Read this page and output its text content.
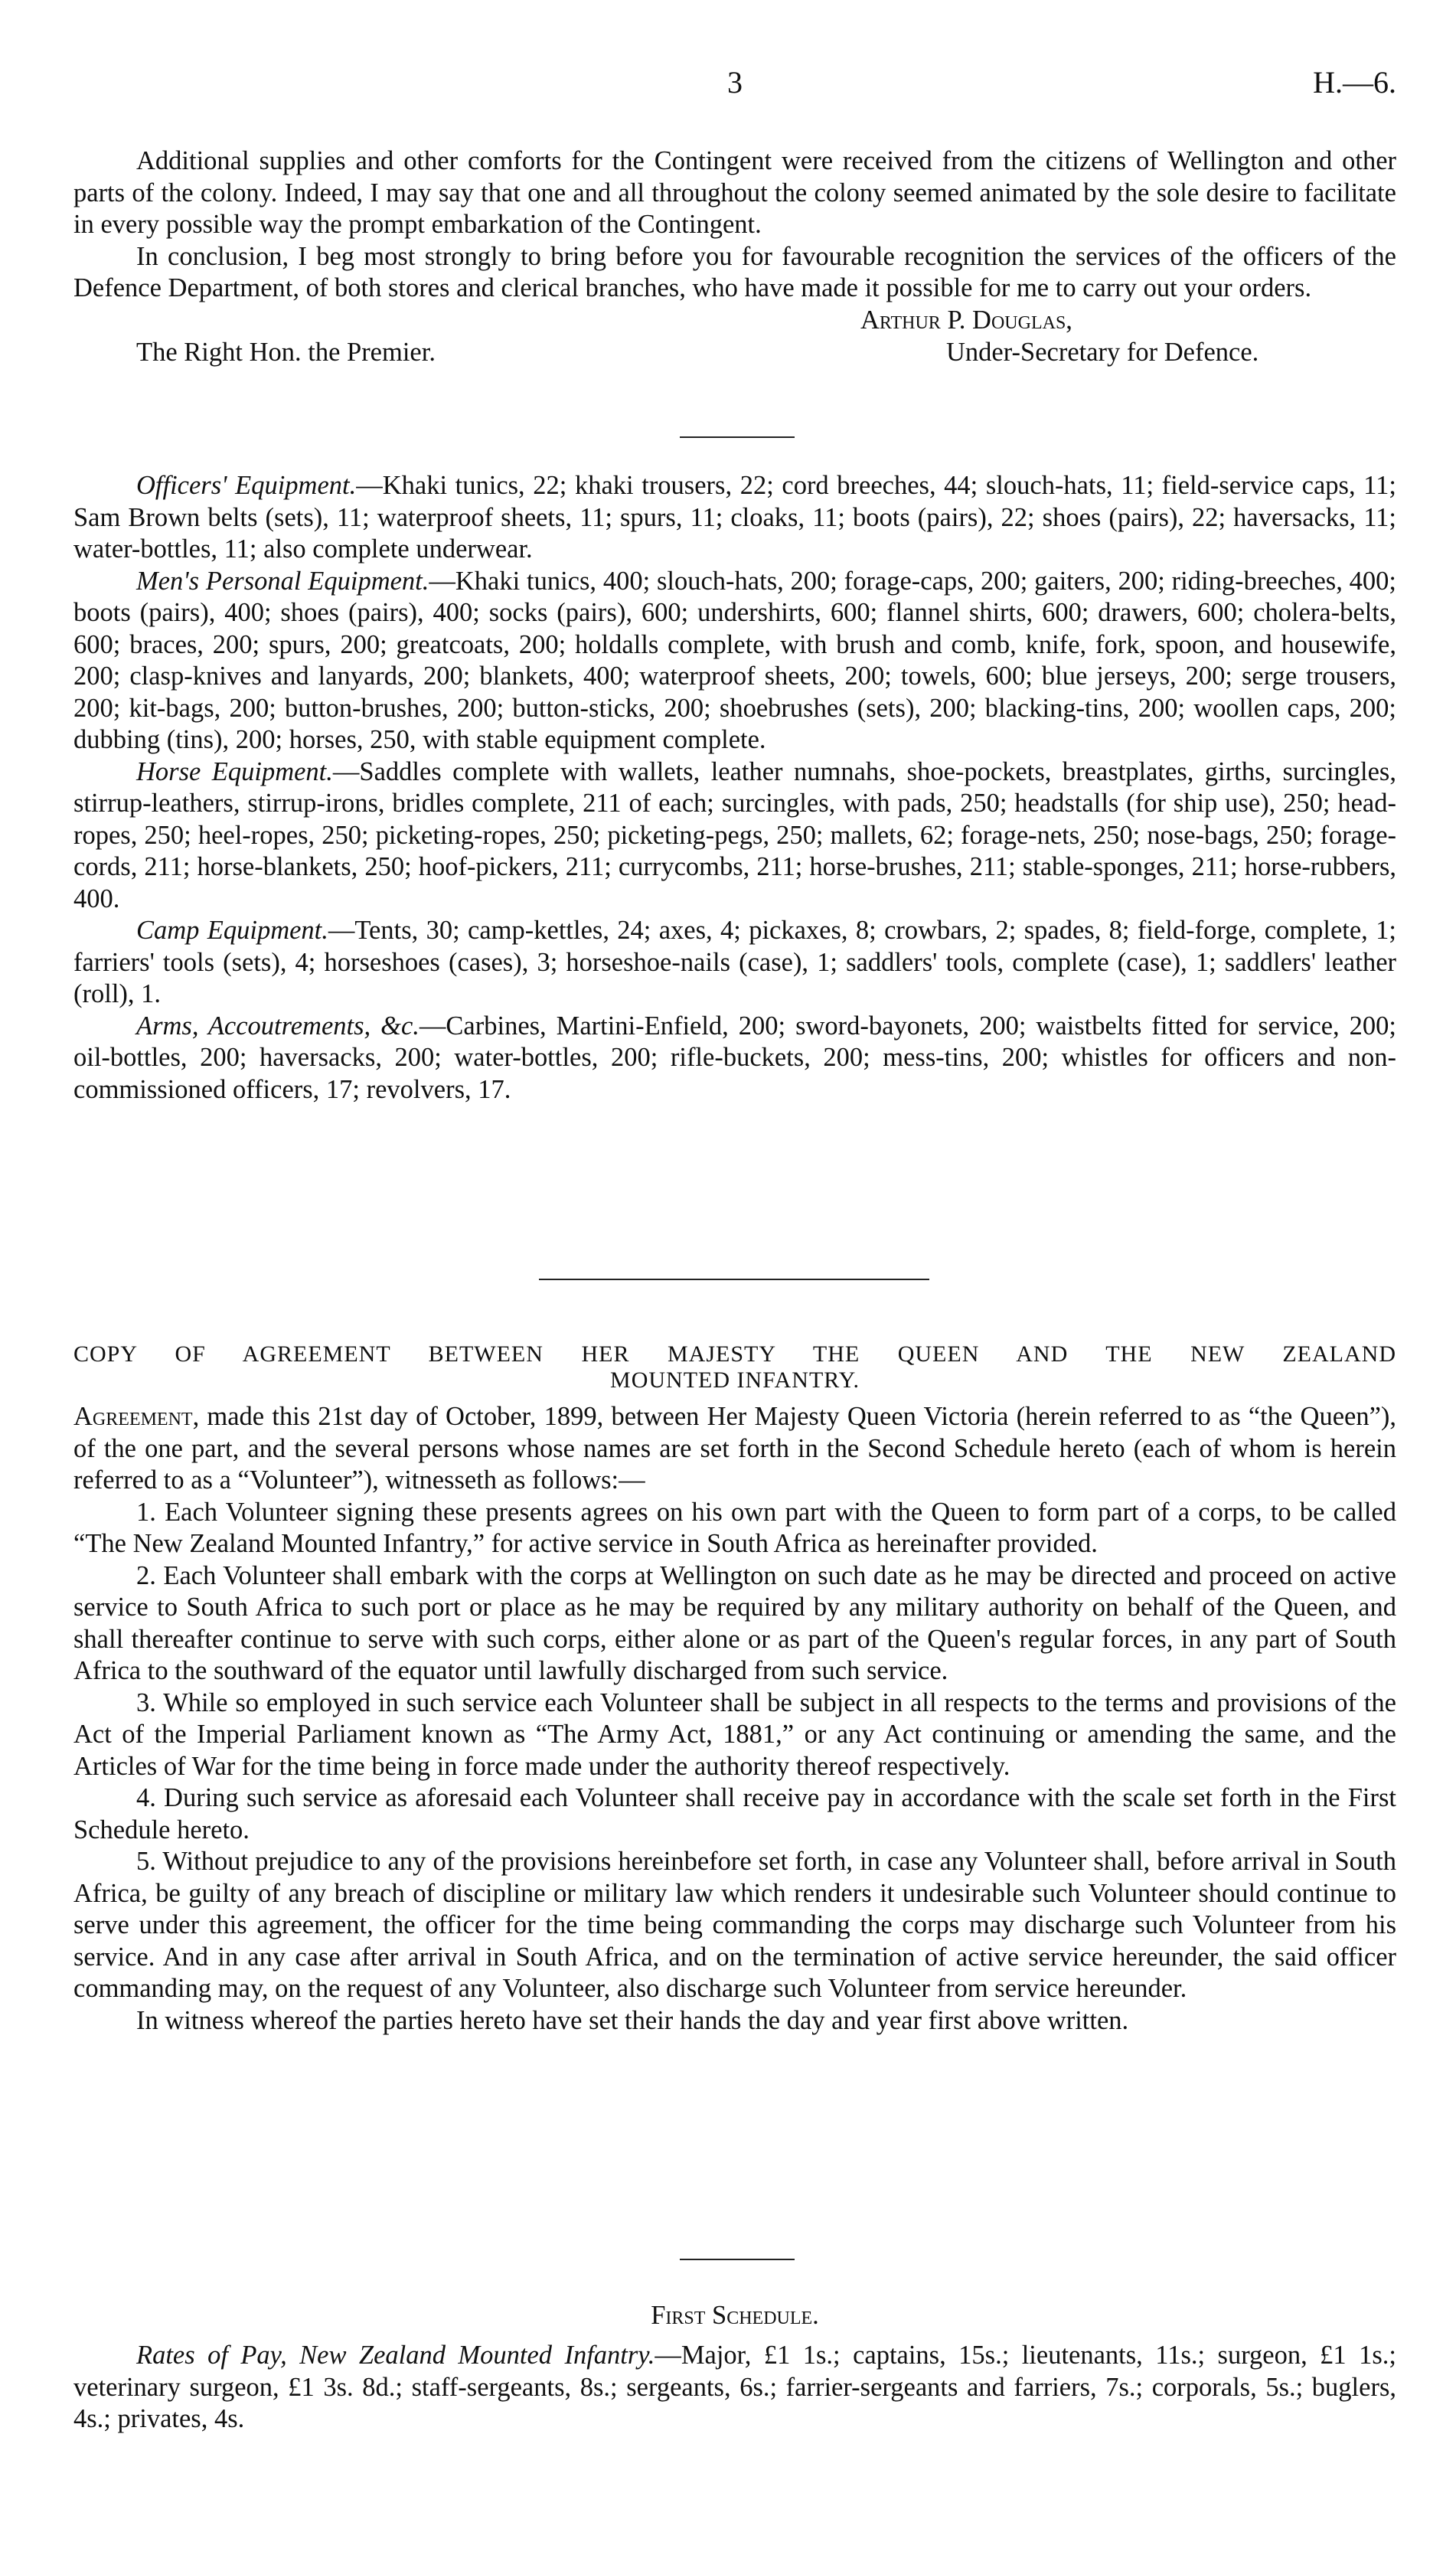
3	H.—6.

Additional supplies and other comforts for the Contingent were received from the citizens of Wellington and other parts of the colony. Indeed, I may say that one and all throughout the colony seemed animated by the sole desire to facilitate in every possible way the prompt embarkation of the Contingent.

In conclusion, I beg most strongly to bring before you for favourable recognition the services of the officers of the Defence Department, of both stores and clerical branches, who have made it possible for me to carry out your orders.

Arthur P. Douglas,
The Right Hon. the Premier.	Under-Secretary for Defence.

Officers' Equipment.—Khaki tunics, 22; khaki trousers, 22; cord breeches, 44; slouch-hats, 11; field-service caps, 11; Sam Brown belts (sets), 11; waterproof sheets, 11; spurs, 11; cloaks, 11; boots (pairs), 22; shoes (pairs), 22; haversacks, 11; water-bottles, 11; also complete underwear.

Men's Personal Equipment.—Khaki tunics, 400; slouch-hats, 200; forage-caps, 200; gaiters, 200; riding-breeches, 400; boots (pairs), 400; shoes (pairs), 400; socks (pairs), 600; undershirts, 600; flannel shirts, 600; drawers, 600; cholera-belts, 600; braces, 200; spurs, 200; greatcoats, 200; holdalls complete, with brush and comb, knife, fork, spoon, and housewife, 200; clasp-knives and lanyards, 200; blankets, 400; waterproof sheets, 200; towels, 600; blue jerseys, 200; serge trousers, 200; kit-bags, 200; button-brushes, 200; button-sticks, 200; shoebrushes (sets), 200; blacking-tins, 200; woollen caps, 200; dubbing (tins), 200; horses, 250, with stable equipment complete.

Horse Equipment.—Saddles complete with wallets, leather numnahs, shoe-pockets, breastplates, girths, surcingles, stirrup-leathers, stirrup-irons, bridles complete, 211 of each; surcingles, with pads, 250; headstalls (for ship use), 250; head-ropes, 250; heel-ropes, 250; picketing-ropes, 250; picketing-pegs, 250; mallets, 62; forage-nets, 250; nose-bags, 250; forage-cords, 211; horse-blankets, 250; hoof-pickers, 211; currycombs, 211; horse-brushes, 211; stable-sponges, 211; horse-rubbers, 400.

Camp Equipment.—Tents, 30; camp-kettles, 24; axes, 4; pickaxes, 8; crowbars, 2; spades, 8; field-forge, complete, 1; farriers' tools (sets), 4; horseshoes (cases), 3; horseshoe-nails (case), 1; saddlers' tools, complete (case), 1; saddlers' leather (roll), 1.

Arms, Accoutrements, &c.—Carbines, Martini-Enfield, 200; sword-bayonets, 200; waistbelts fitted for service, 200; oil-bottles, 200; haversacks, 200; water-bottles, 200; rifle-buckets, 200; mess-tins, 200; whistles for officers and non-commissioned officers, 17; revolvers, 17.

COPY OF AGREEMENT BETWEEN HER MAJESTY THE QUEEN AND THE NEW ZEALAND
MOUNTED INFANTRY.

Agreement, made this 21st day of October, 1899, between Her Majesty Queen Victoria (herein referred to as “the Queen”), of the one part, and the several persons whose names are set forth in the Second Schedule hereto (each of whom is herein referred to as a “Volunteer”), witnesseth as follows:—

1. Each Volunteer signing these presents agrees on his own part with the Queen to form part of a corps, to be called “The New Zealand Mounted Infantry,” for active service in South Africa as hereinafter provided.

2. Each Volunteer shall embark with the corps at Wellington on such date as he may be directed and proceed on active service to South Africa to such port or place as he may be required by any military authority on behalf of the Queen, and shall thereafter continue to serve with such corps, either alone or as part of the Queen's regular forces, in any part of South Africa to the southward of the equator until lawfully discharged from such service.

3. While so employed in such service each Volunteer shall be subject in all respects to the terms and provisions of the Act of the Imperial Parliament known as “The Army Act, 1881,” or any Act continuing or amending the same, and the Articles of War for the time being in force made under the authority thereof respectively.

4. During such service as aforesaid each Volunteer shall receive pay in accordance with the scale set forth in the First Schedule hereto.

5. Without prejudice to any of the provisions hereinbefore set forth, in case any Volunteer shall, before arrival in South Africa, be guilty of any breach of discipline or military law which renders it undesirable such Volunteer should continue to serve under this agreement, the officer for the time being commanding the corps may discharge such Volunteer from his service. And in any case after arrival in South Africa, and on the termination of active service hereunder, the said officer commanding may, on the request of any Volunteer, also discharge such Volunteer from service hereunder.

In witness whereof the parties hereto have set their hands the day and year first above written.

First Schedule.

Rates of Pay, New Zealand Mounted Infantry.—Major, £1 1s.; captains, 15s.; lieutenants, 11s.; surgeon, £1 1s.; veterinary surgeon, £1 3s. 8d.; staff-sergeants, 8s.; sergeants, 6s.; farrier-sergeants and farriers, 7s.; corporals, 5s.; buglers, 4s.; privates, 4s.
